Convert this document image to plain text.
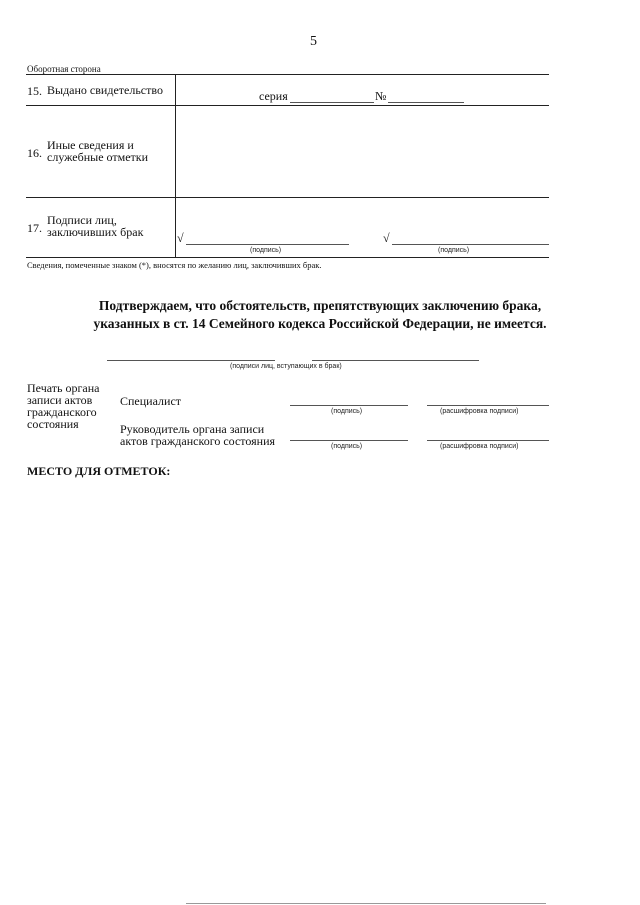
5
Оборотная сторона
15. Выдано свидетельство	серия	№
16.
Иные сведения и
служебные отметки
17.
Подписи лиц,
заключивших брак	√
(подпись)
√
(подпись)
Сведения, помеченные знаком (*), вносятся по желанию лиц, заключивших брак.
Подтверждаем, что обстоятельств, препятствующих заключению брака,
указанных в ст. 14 Семейного кодекса Российской Федерации, не имеется.
(подписи лиц, вступающих в брак)
Печать органа
записи актов
гражданского
состояния
Специалист
(подпись)	(расшифровка подписи)
Руководитель органа записи
актов гражданского состояния	(подпись)	(расшифровка подписи)
МЕСТО ДЛЯ ОТМЕТОК:
